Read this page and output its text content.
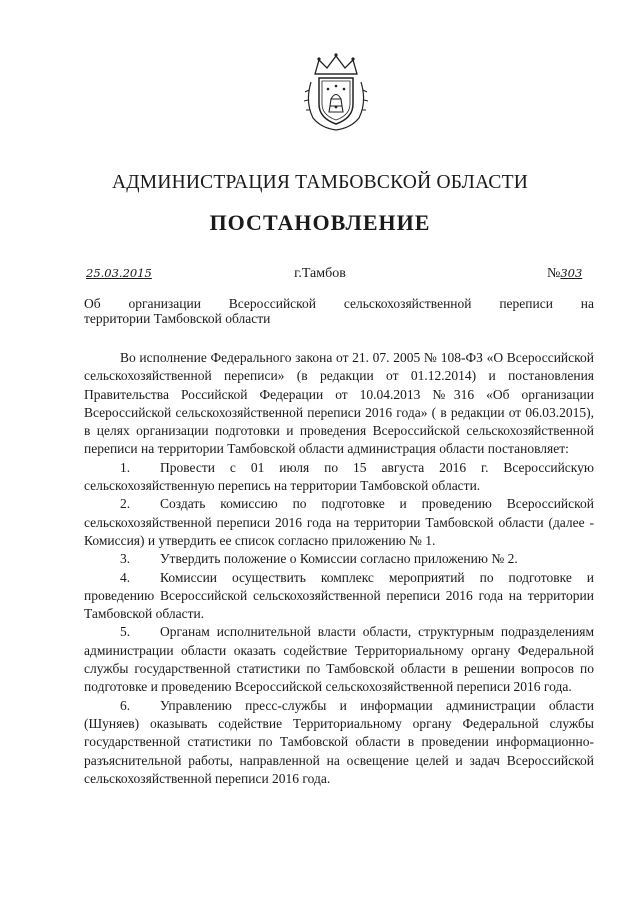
АДМИНИСТРАЦИЯ ТАМБОВСКОЙ ОБЛАСТИ
ПОСТАНОВЛЕНИЕ
25.03.2015	г.Тамбов	№303
Об организации Всероссийской сельскохозяйственной переписи на
территории Тамбовской области

Во исполнение Федерального закона от 21. 07. 2005 № 108-ФЗ «О Всероссийской сельскохозяйственной переписи» (в редакции от 01.12.2014) и постановления Правительства Российской Федерации от 10.04.2013 №316 «Об организации Всероссийской сельскохозяйственной переписи 2016 года» ( в редакции от 06.03.2015), в целях организации подготовки и проведения Всероссийской сельскохозяйственной переписи на территории Тамбовской области администрация области постановляет:

1. Провести с 01 июля по 15 августа 2016 г. Всероссийскую сельскохозяйственную перепись на территории Тамбовской области.

2. Создать комиссию по подготовке и проведению Всероссийской сельскохозяйственной переписи 2016 года на территории Тамбовской области (далее - Комиссия) и утвердить ее список согласно приложению № 1.

3. Утвердить положение о Комиссии согласно приложению № 2.

4. Комиссии осуществить комплекс мероприятий по подготовке и проведению Всероссийской сельскохозяйственной переписи 2016 года на территории Тамбовской области.

5. Органам исполнительной власти области, структурным подразделениям администрации области оказать содействие Территориальному органу Федеральной службы государственной статистики по Тамбовской области в решении вопросов по подготовке и проведению Всероссийской сельскохозяйственной переписи 2016 года.

6. Управлению пресс-службы и информации администрации области (Шуняев) оказывать содействие Территориальному органу Федеральной службы государственной статистики по Тамбовской области в проведении информационно-разъяснительной работы, направленной на освещение целей и задач Всероссийской сельскохозяйственной переписи 2016 года.
